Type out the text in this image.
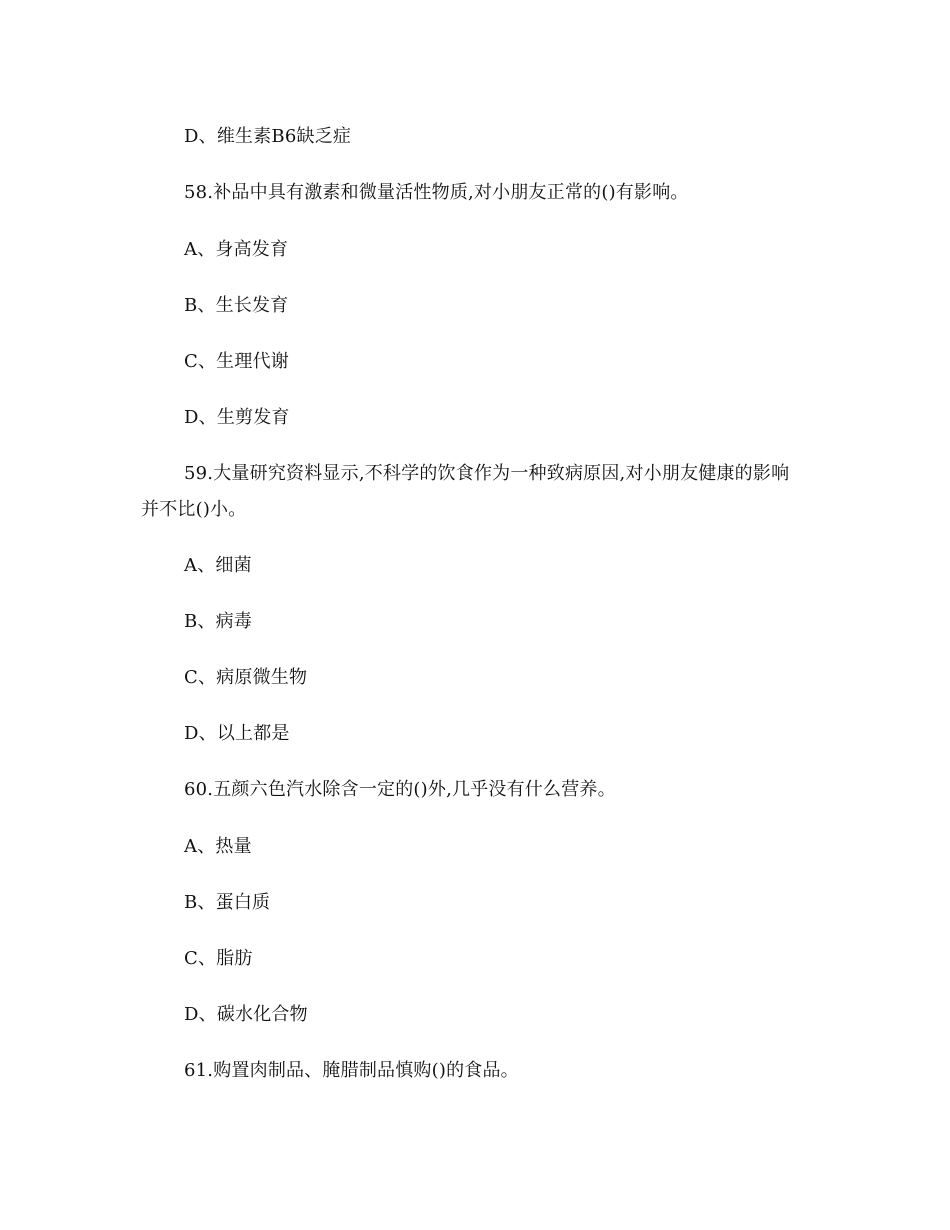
D、维生素B6缺乏症
58.补品中具有激素和微量活性物质,对小朋友正常的()有影响。
A、身高发育
B、生长发育
C、生理代谢
D、生剪发育
59.大量研究资料显示,不科学的饮食作为一种致病原因,对小朋友健康的影响
并不比()小。
A、细菌
B、病毒
C、病原微生物
D、以上都是
60.五颜六色汽水除含一定的()外,几乎没有什么营养。
A、热量
B、蛋白质
C、脂肪
D、碳水化合物
61.购置肉制品、腌腊制品慎购()的食品。
